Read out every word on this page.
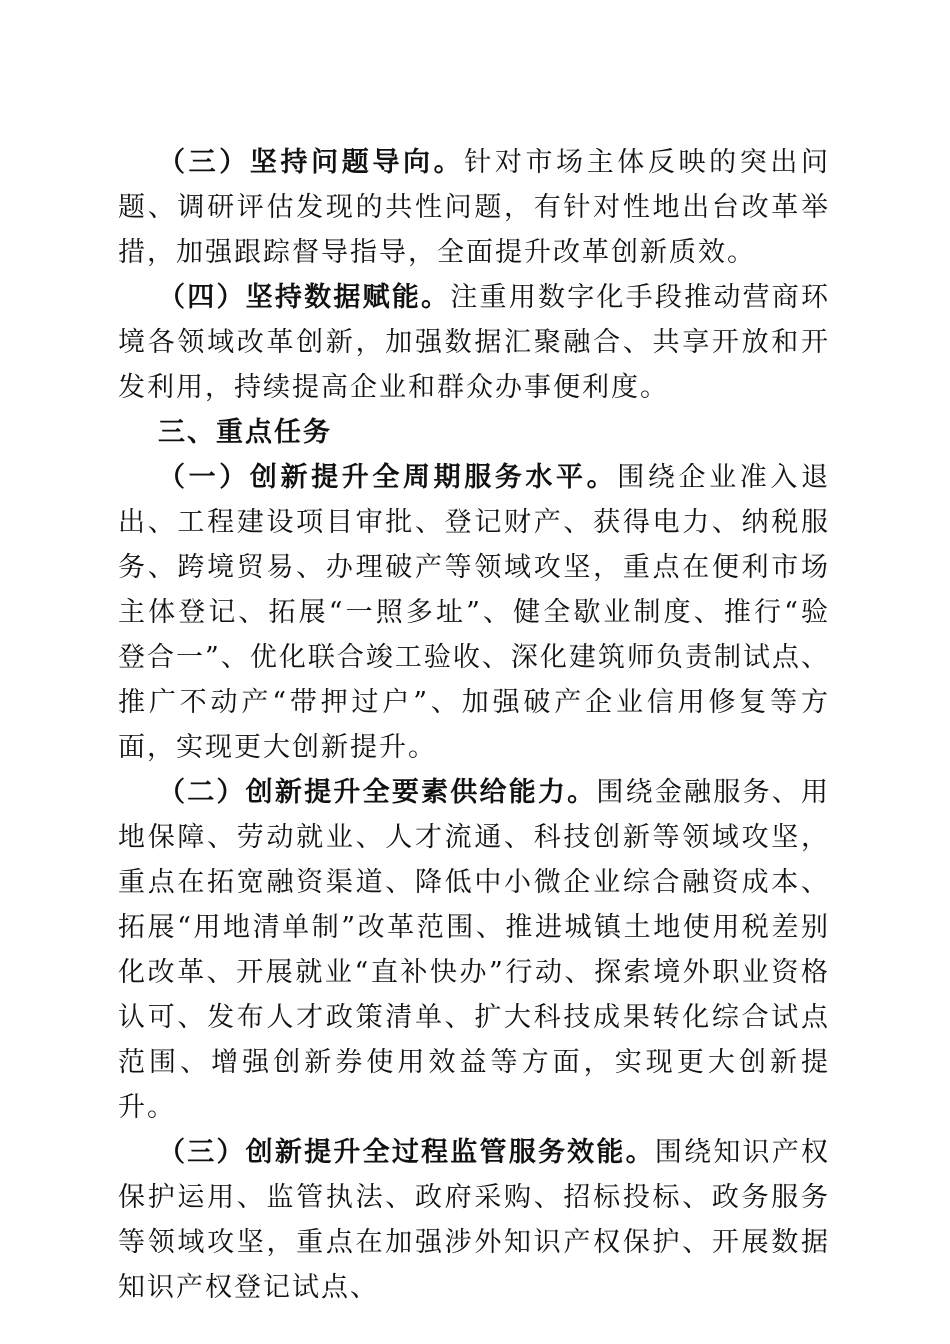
（三）坚持问题导向。针对市场主体反映的突出问题、调研评估发现的共性问题，有针对性地出台改革举措，加强跟踪督导指导，全面提升改革创新质效。

（四）坚持数据赋能。注重用数字化手段推动营商环境各领域改革创新，加强数据汇聚融合、共享开放和开发利用，持续提高企业和群众办事便利度。

三、重点任务

（一）创新提升全周期服务水平。围绕企业准入退出、工程建设项目审批、登记财产、获得电力、纳税服务、跨境贸易、办理破产等领域攻坚，重点在便利市场主体登记、拓展“一照多址”、健全歇业制度、推行“验登合一”、优化联合竣工验收、深化建筑师负责制试点、推广不动产“带押过户”、加强破产企业信用修复等方面，实现更大创新提升。

（二）创新提升全要素供给能力。围绕金融服务、用地保障、劳动就业、人才流通、科技创新等领域攻坚，重点在拓宽融资渠道、降低中小微企业综合融资成本、拓展“用地清单制”改革范围、推进城镇土地使用税差别化改革、开展就业“直补快办”行动、探索境外职业资格认可、发布人才政策清单、扩大科技成果转化综合试点范围、增强创新券使用效益等方面，实现更大创新提升。

（三）创新提升全过程监管服务效能。围绕知识产权保护运用、监管执法、政府采购、招标投标、政务服务等领域攻坚，重点在加强涉外知识产权保护、开展数据知识产权登记试点、
